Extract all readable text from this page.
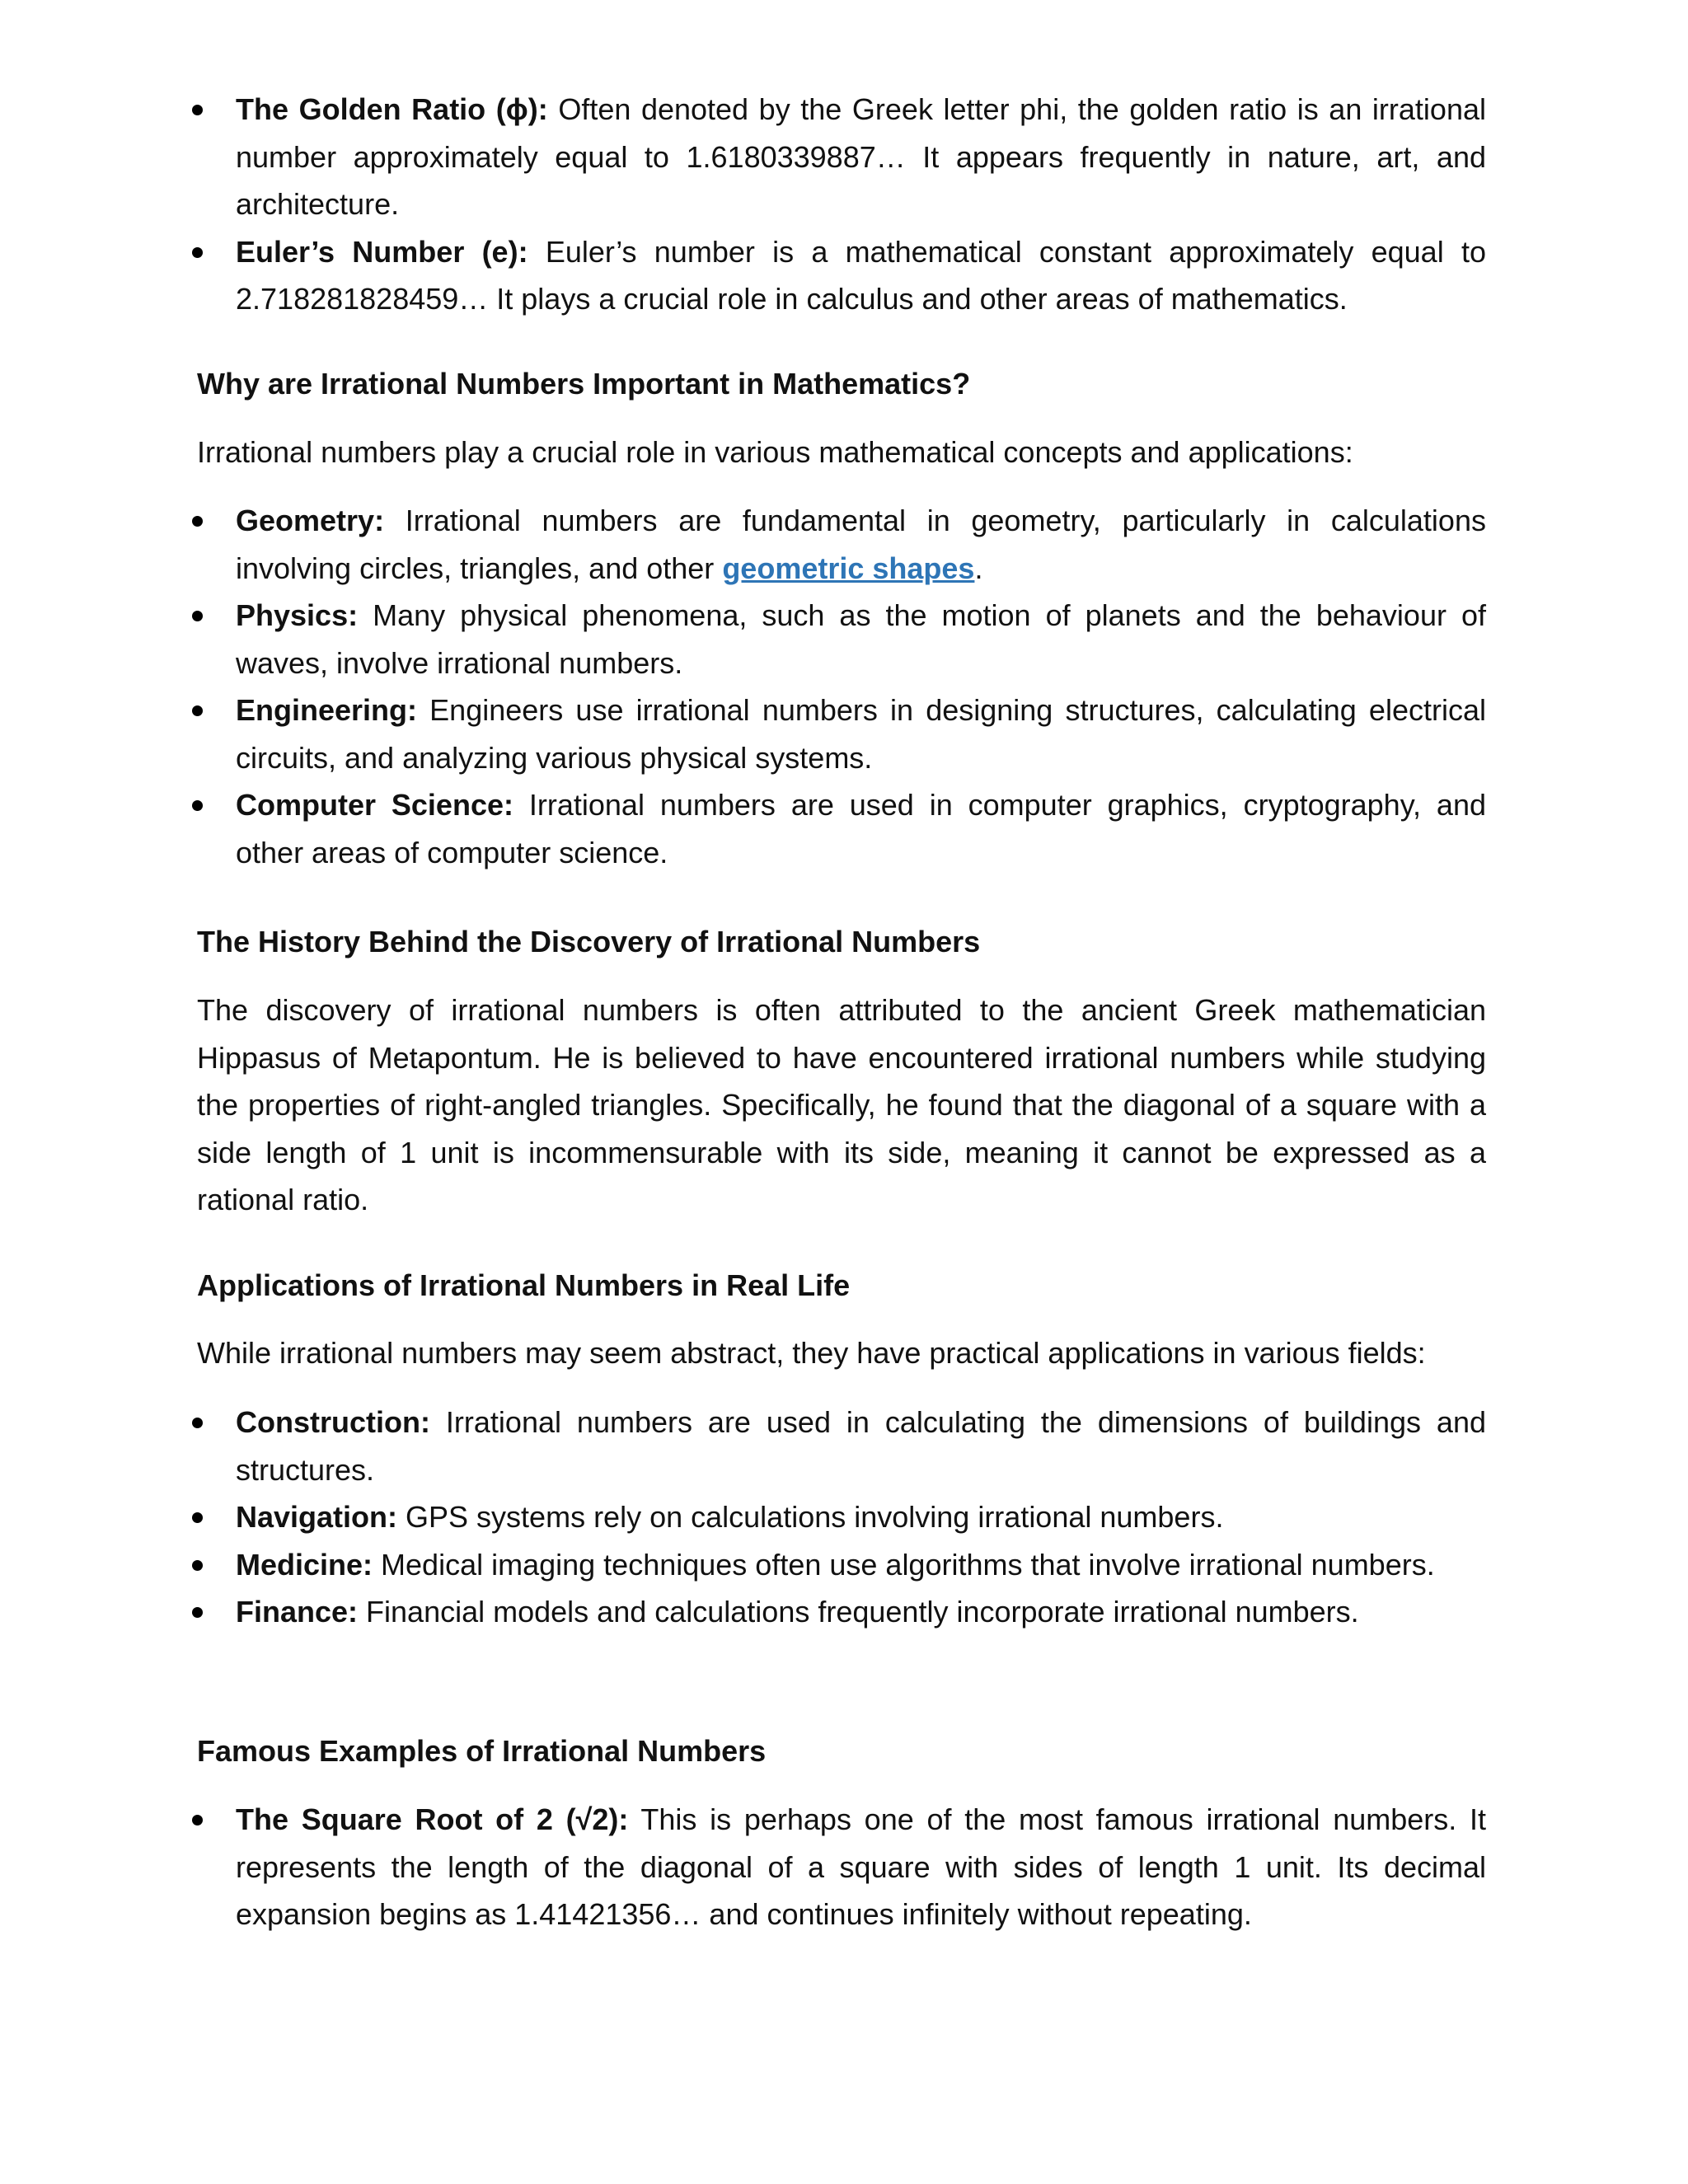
The Golden Ratio (ɸ): Often denoted by the Greek letter phi, the golden ratio is an irrational number approximately equal to 1.6180339887… It appears frequently in nature, art, and architecture.
Euler’s Number (e): Euler’s number is a mathematical constant approximately equal to 2.718281828459… It plays a crucial role in calculus and other areas of mathematics.
Why are Irrational Numbers Important in Mathematics?

Irrational numbers play a crucial role in various mathematical concepts and applications:

Geometry: Irrational numbers are fundamental in geometry, particularly in calculations involving circles, triangles, and other geometric shapes.
Physics: Many physical phenomena, such as the motion of planets and the behaviour of waves, involve irrational numbers.
Engineering: Engineers use irrational numbers in designing structures, calculating electrical circuits, and analyzing various physical systems.
Computer Science: Irrational numbers are used in computer graphics, cryptography, and other areas of computer science.
The History Behind the Discovery of Irrational Numbers

The discovery of irrational numbers is often attributed to the ancient Greek mathematician Hippasus of Metapontum. He is believed to have encountered irrational numbers while studying the properties of right-angled triangles. Specifically, he found that the diagonal of a square with a side length of 1 unit is incommensurable with its side, meaning it cannot be expressed as a rational ratio.

Applications of Irrational Numbers in Real Life

While irrational numbers may seem abstract, they have practical applications in various fields:

Construction: Irrational numbers are used in calculating the dimensions of buildings and structures.
Navigation: GPS systems rely on calculations involving irrational numbers.
Medicine: Medical imaging techniques often use algorithms that involve irrational numbers.
Finance: Financial models and calculations frequently incorporate irrational numbers.
Famous Examples of Irrational Numbers
The Square Root of 2 (√2): This is perhaps one of the most famous irrational numbers. It represents the length of the diagonal of a square with sides of length 1 unit. Its decimal expansion begins as 1.41421356… and continues infinitely without repeating.
